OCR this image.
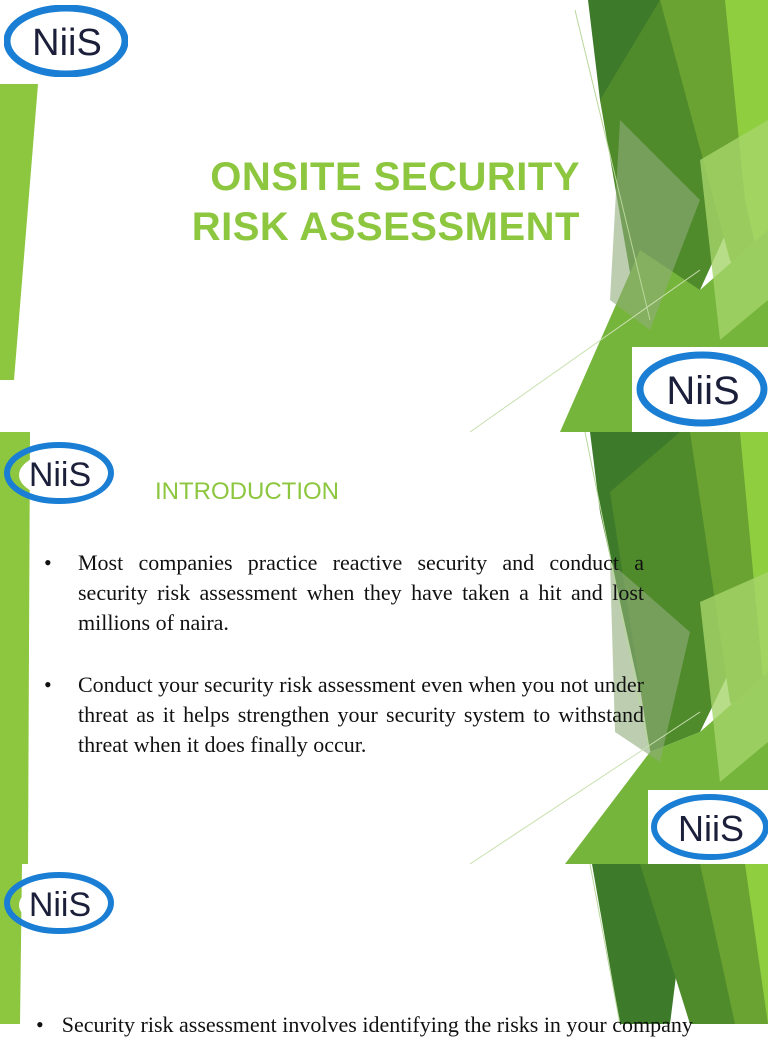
NiiS
NiiS
ONSITE SECURITY
RISK ASSESSMENT
NiiS
NiiS
INTRODUCTION
• Most companies practice reactive security and conduct a security risk assessment when they have taken a hit and lost millions of naira.
• Conduct your security risk assessment even when you not under threat as it helps strengthen your security system to withstand threat when it does finally occur.
NiiS
• Security risk assessment involves identifying the risks in your company
